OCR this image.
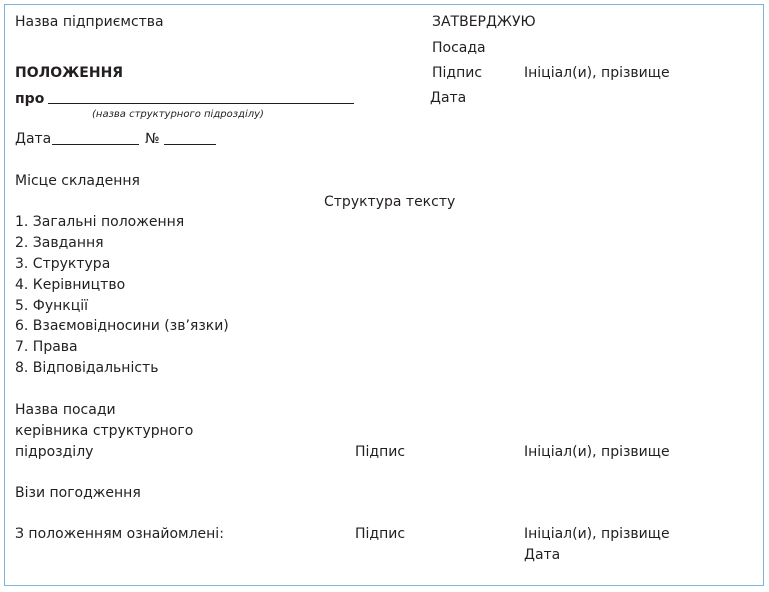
Назва підприємства	ЗАТВЕРДЖУЮ
Посада
ПОЛОЖЕННЯ	Підпис	Ініціал(и), прізвище
про	Дата
(назва структурного підрозділу)
Дата	№
Місце складення
Структура тексту
1. Загальні положення
2. Завдання
3. Структура
4. Керівництво
5. Функції
6. Взаємовідносини (зв’язки)
7. Права
8. Відповідальність
Назва посади
керівника структурного
підрозділу	Підпис	Ініціал(и), прізвище
Візи погодження
З положенням ознайомлені:	Підпис	Ініціал(и), прізвище
Дата
